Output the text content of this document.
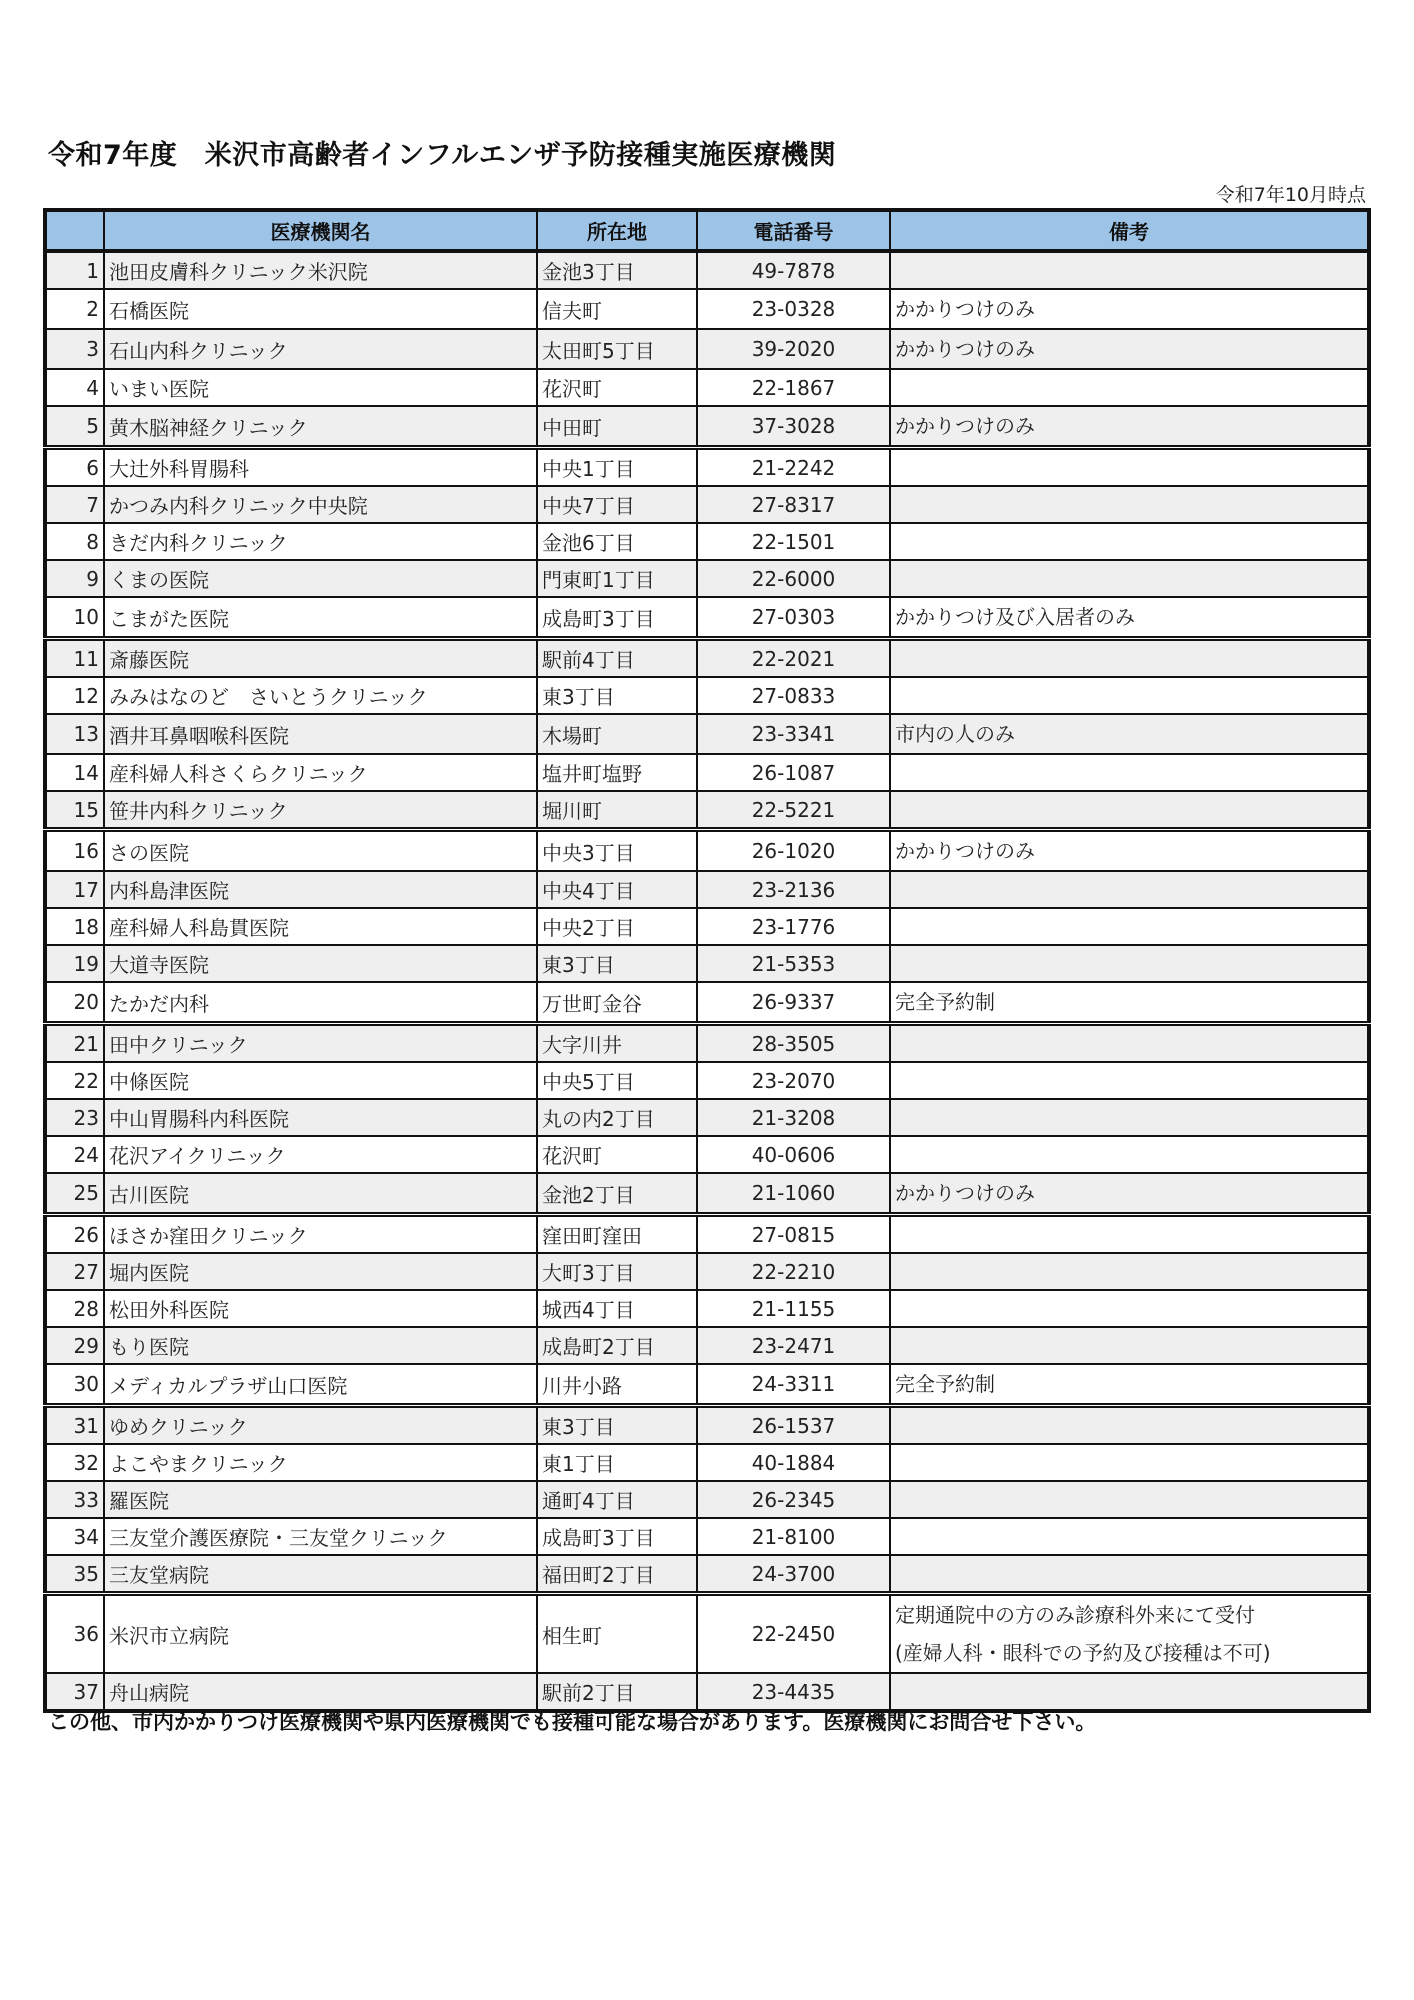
令和7年度　米沢市高齢者インフルエンザ予防接種実施医療機関
令和7年10月時点
	医療機関名	所在地	電話番号	備考
1	池田皮膚科クリニック米沢院	金池3丁目	49-7878	
2	石橋医院	信夫町	23-0328	かかりつけのみ
3	石山内科クリニック	太田町5丁目	39-2020	かかりつけのみ
4	いまい医院	花沢町	22-1867	
5	黄木脳神経クリニック	中田町	37-3028	かかりつけのみ
6	大辻外科胃腸科	中央1丁目	21-2242	
7	かつみ内科クリニック中央院	中央7丁目	27-8317	
8	きだ内科クリニック	金池6丁目	22-1501	
9	くまの医院	門東町1丁目	22-6000	
10	こまがた医院	成島町3丁目	27-0303	かかりつけ及び入居者のみ
11	斎藤医院	駅前4丁目	22-2021	
12	みみはなのど　さいとうクリニック	東3丁目	27-0833	
13	酒井耳鼻咽喉科医院	木場町	23-3341	市内の人のみ
14	産科婦人科さくらクリニック	塩井町塩野	26-1087	
15	笹井内科クリニック	堀川町	22-5221	
16	さの医院	中央3丁目	26-1020	かかりつけのみ
17	内科島津医院	中央4丁目	23-2136	
18	産科婦人科島貫医院	中央2丁目	23-1776	
19	大道寺医院	東3丁目	21-5353	
20	たかだ内科	万世町金谷	26-9337	完全予約制
21	田中クリニック	大字川井	28-3505	
22	中條医院	中央5丁目	23-2070	
23	中山胃腸科内科医院	丸の内2丁目	21-3208	
24	花沢アイクリニック	花沢町	40-0606	
25	古川医院	金池2丁目	21-1060	かかりつけのみ
26	ほさか窪田クリニック	窪田町窪田	27-0815	
27	堀内医院	大町3丁目	22-2210	
28	松田外科医院	城西4丁目	21-1155	
29	もり医院	成島町2丁目	23-2471	
30	メディカルプラザ山口医院	川井小路	24-3311	完全予約制
31	ゆめクリニック	東3丁目	26-1537	
32	よこやまクリニック	東1丁目	40-1884	
33	羅医院	通町4丁目	26-2345	
34	三友堂介護医療院・三友堂クリニック	成島町3丁目	21-8100	
35	三友堂病院	福田町2丁目	24-3700	
36	米沢市立病院	相生町	22-2450	定期通院中の方のみ診療科外来にて受付
(産婦人科・眼科での予約及び接種は不可)

37	舟山病院	駅前2丁目	23-4435	
この他、市内かかりつけ医療機関や県内医療機関でも接種可能な場合があります。医療機関にお問合せ下さい。
